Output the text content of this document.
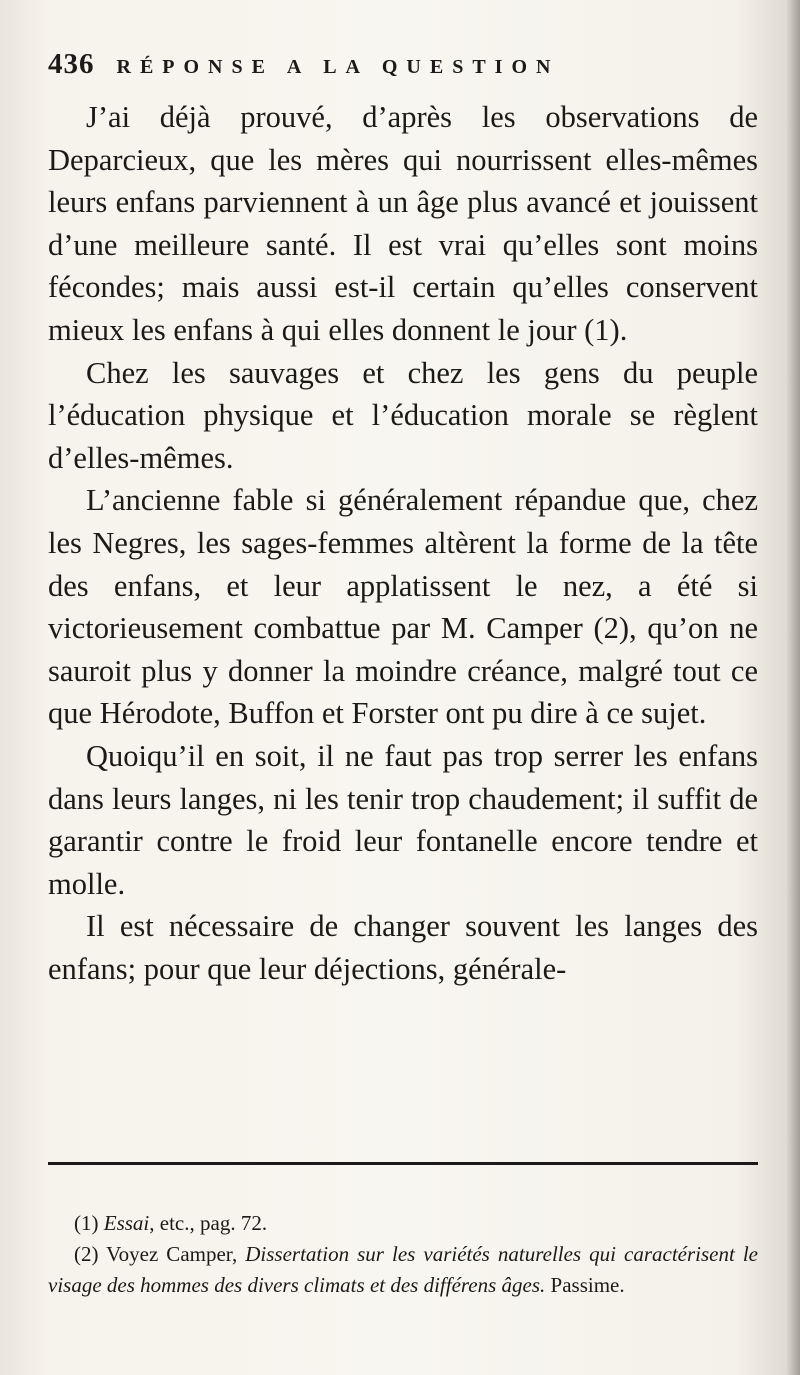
436 RÉPONSE A LA QUESTION

J’ai déjà prouvé, d’après les observations de Deparcieux, que les mères qui nourrissent elles-mêmes leurs enfans parviennent à un âge plus avancé et jouissent d’une meilleure santé. Il est vrai qu’elles sont moins fécondes; mais aussi est-il certain qu’elles conservent mieux les enfans à qui elles donnent le jour (1).

Chez les sauvages et chez les gens du peuple l’éducation physique et l’éducation morale se règlent d’elles-mêmes.

L’ancienne fable si généralement répandue que, chez les Negres, les sages-femmes altèrent la forme de la tête des enfans, et leur applatissent le nez, a été si victorieusement combattue par M. Camper (2), qu’on ne sauroit plus y donner la moindre créance, malgré tout ce que Hérodote, Buffon et Forster ont pu dire à ce sujet.

Quoiqu’il en soit, il ne faut pas trop serrer les enfans dans leurs langes, ni les tenir trop chaudement; il suffit de garantir contre le froid leur fontanelle encore tendre et molle.

Il est nécessaire de changer souvent les langes des enfans; pour que leur déjections, générale-

(1) Essai, etc., pag. 72.

(2) Voyez Camper, Dissertation sur les variétés naturelles qui caractérisent le visage des hommes des divers climats et des différens âges. Passime.
